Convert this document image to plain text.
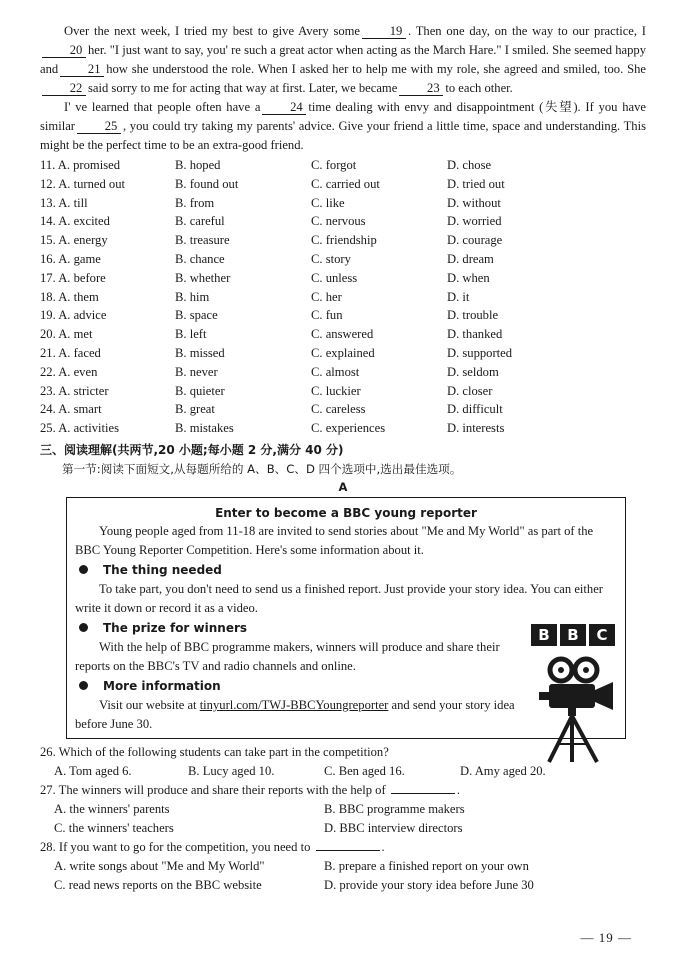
Over the next week, I tried my best to give Avery some 19 . Then one day, on the way to our practice, I20 her. "I just want to say, you' re such a great actor when acting as the March Hare." I smiled. She seemed happy and 21 how she understood the role. When I asked her to help me with my role, she agreed and smiled, too. She22 said sorry to me for acting that way at first. Later, we became 23 to each other.

I' ve learned that people often have a 24 time dealing with envy and disappointment (失望). If you have similar 25 , you could try taking my parents' advice. Give your friend a little time, space and understanding. This might be the perfect time to be an extra-good friend.

11. A. promised	B. hoped	C. forgot	D. chose
12. A. turned out	B. found out	C. carried out	D. tried out
13. A. till	B. from	C. like	D. without
14. A. excited	B. careful	C. nervous	D. worried
15. A. energy	B. treasure	C. friendship	D. courage
16. A. game	B. chance	C. story	D. dream
17. A. before	B. whether	C. unless	D. when
18. A. them	B. him	C. her	D. it
19. A. advice	B. space	C. fun	D. trouble
20. A. met	B. left	C. answered	D. thanked
21. A. faced	B. missed	C. explained	D. supported
22. A. even	B. never	C. almost	D. seldom
23. A. stricter	B. quieter	C. luckier	D. closer
24. A. smart	B. great	C. careless	D. difficult
25. A. activities	B. mistakes	C. experiences	D. interests
三、阅读理解(共两节,20 小题;每小题 2 分,满分 40 分)
第一节:阅读下面短文,从每题所给的 A、B、C、D 四个选项中,选出最佳选项。
A
Enter to become a BBC young reporter

Young people aged from 11-18 are invited to send stories about "Me and My World" as part of the BBC Young Reporter Competition. Here's some information about it.

The thing needed

To take part, you don't need to send us a finished report. Just provide your story idea. You can either write it down or record it as a video.

The prize for winners

With the help of BBC programme makers, winners will produce and share their reports on the BBC's TV and radio channels and online.

More information

Visit our website at tinyurl.com/TWJ-BBCYoungreporter and send your story idea before June 30.

B	B	C

26. Which of the following students can take part in the competition?

A. Tom aged 6.	B. Lucy aged 10.	C. Ben aged 16.	D. Amy aged 20.

27. The winners will produce and share their reports with the help of	.

A. the winners' parents	B. BBC programme makers
C. the winners' teachers	D. BBC interview directors

28. If you want to go for the competition, you need to	.

A. write songs about "Me and My World"	B. prepare a finished report on your own
C. read news reports on the BBC website	D. provide your story idea before June 30
— 19 —
